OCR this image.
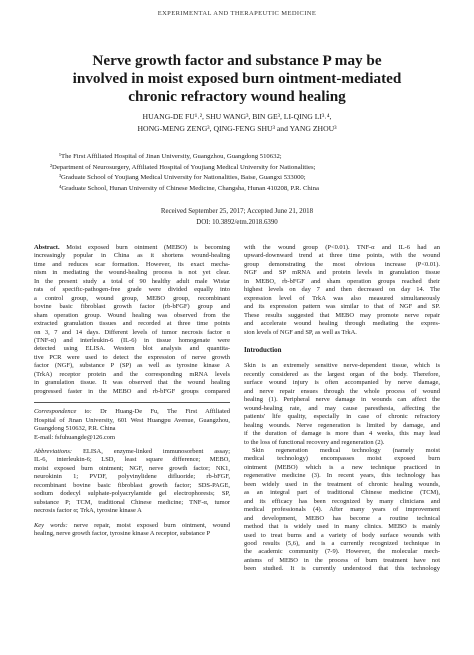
EXPERIMENTAL AND THERAPEUTIC MEDICINE
Nerve growth factor and substance P may be
involved in moist exposed burn ointment-mediated
chronic refractory wound healing
HUANG-DE FU¹˒², SHU WANG³, BIN GE³, LI-QING LI³˒⁴,
HONG-MENG ZENG³, QING-FENG SHU³ and YANG ZHOU³
¹The First Affiliated Hospital of Jinan University, Guangzhou, Guangdong 510632;
²Department of Neurosurgery, Affiliated Hospital of Youjiang Medical University for Nationalities;
³Graduate School of Youjiang Medical University for Nationalities, Baise, Guangxi 533000;
⁴Graduate School, Hunan University of Chinese Medicine, Changsha, Hunan 410208, P.R. China
Received September 25, 2017; Accepted June 21, 2018
DOI: 10.3892/etm.2018.6390

Abstract. Moist exposed burn ointment (MEBO) is becoming
increasingly popular in China as it shortens wound-healing
time and reduces scar formation. However, its exact mecha-
nism in mediating the wound-healing process is not yet clear.
In the present study a total of 90 healthy adult male Wistar
rats of specific-pathogen-free grade were divided equally into
a control group, wound group, MEBO group, recombinant
bovine basic fibroblast growth factor (rb-bFGF) group and
sham operation group. Wound healing was observed from the
extracted granulation tissues and recorded at three time points
on 3, 7 and 14 days. Different levels of tumor necrosis factor α
(TNF-α) and interleukin-6 (IL-6) in tissue homogenate were
detected using ELISA. Western blot analysis and quantita-
tive PCR were used to detect the expression of nerve growth
factor (NGF), substance P (SP) as well as tyrosine kinase A
(TrkA) receptor protein and the corresponding mRNA levels
in granulation tissue. It was observed that the wound healing
progressed faster in the MEBO and rb-bFGF groups compared

Correspondence to: Dr Huang-De Fu, The First Affiliated
Hospital of Jinan University, 601 West Huangpu Avenue, Guangzhou,
Guangdong 510632, P.R. China
E-mail: fsfuhuangde@126.com

Abbreviations: ELISA, enzyme-linked immunosorbent assay;
IL-6, interleukin-6; LSD, least square difference; MEBO,
moist exposed burn ointment; NGF, nerve growth factor; NK1,
neurokinin 1; PVDF, polyvinylidene difluoride; rb-bFGF,
recombinant bovine basic fibroblast growth factor; SDS-PAGE,
sodium dodecyl sulphate-polyacrylamide gel electrophoresis; SP,
substance P; TCM, traditional Chinese medicine; TNF-α, tumor
necrosis factor α; TrkA, tyrosine kinase A

Key words: nerve repair, moist exposed burn ointment, wound
healing, nerve growth factor, tyrosine kinase A receptor, substance P

with the wound group (P<0.01). TNF-α and IL-6 had an
upward-downward trend at three time points, with the wound
group demonstrating the most obvious increase (P<0.01).
NGF and SP mRNA and protein levels in granulation tissue
in MEBO, rb-bFGF and sham operation groups reached their
highest levels on day 7 and then decreased on day 14. The
expression level of TrkA was also measured simultaneously
and its expression pattern was similar to that of NGF and SP.
These results suggested that MEBO may promote nerve repair
and accelerate wound healing through mediating the expres-
sion levels of NGF and SP, as well as TrkA.

Introduction

Skin is an extremely sensitive nerve-dependent tissue, which is
recently considered as the largest organ of the body. Therefore,
surface wound injury is often accompanied by nerve damage,
and nerve repair ensues through the whole process of wound
healing (1). Peripheral nerve damage in wounds can affect the
wound-healing rate, and may cause paresthesia, affecting the
patients' life quality, especially in case of chronic refractory
healing wounds. Nerve regeneration is limited by damage, and
if the duration of damage is more than 4 weeks, this may lead
to the loss of functional recovery and regeneration (2).

Skin regeneration medical technology (namely moist
medical technology) encompasses moist exposed burn
ointment (MEBO) which is a new technique practiced in
regenerative medicine (3). In recent years, this technology has
been widely used in the treatment of chronic healing wounds,
as an integral part of traditional Chinese medicine (TCM),
and its efficacy has been recognized by many clinicians and
medical professionals (4). After many years of improvement
and development, MEBO has become a routine technical
method that is widely used in many clinics. MEBO is mainly
used to treat burns and a variety of body surface wounds with
good results (5,6), and is a currently recognized technique in
the academic community (7-9). However, the molecular mech-
anisms of MEBO in the process of burn treatment have not
been studied. It is currently understood that this technology
